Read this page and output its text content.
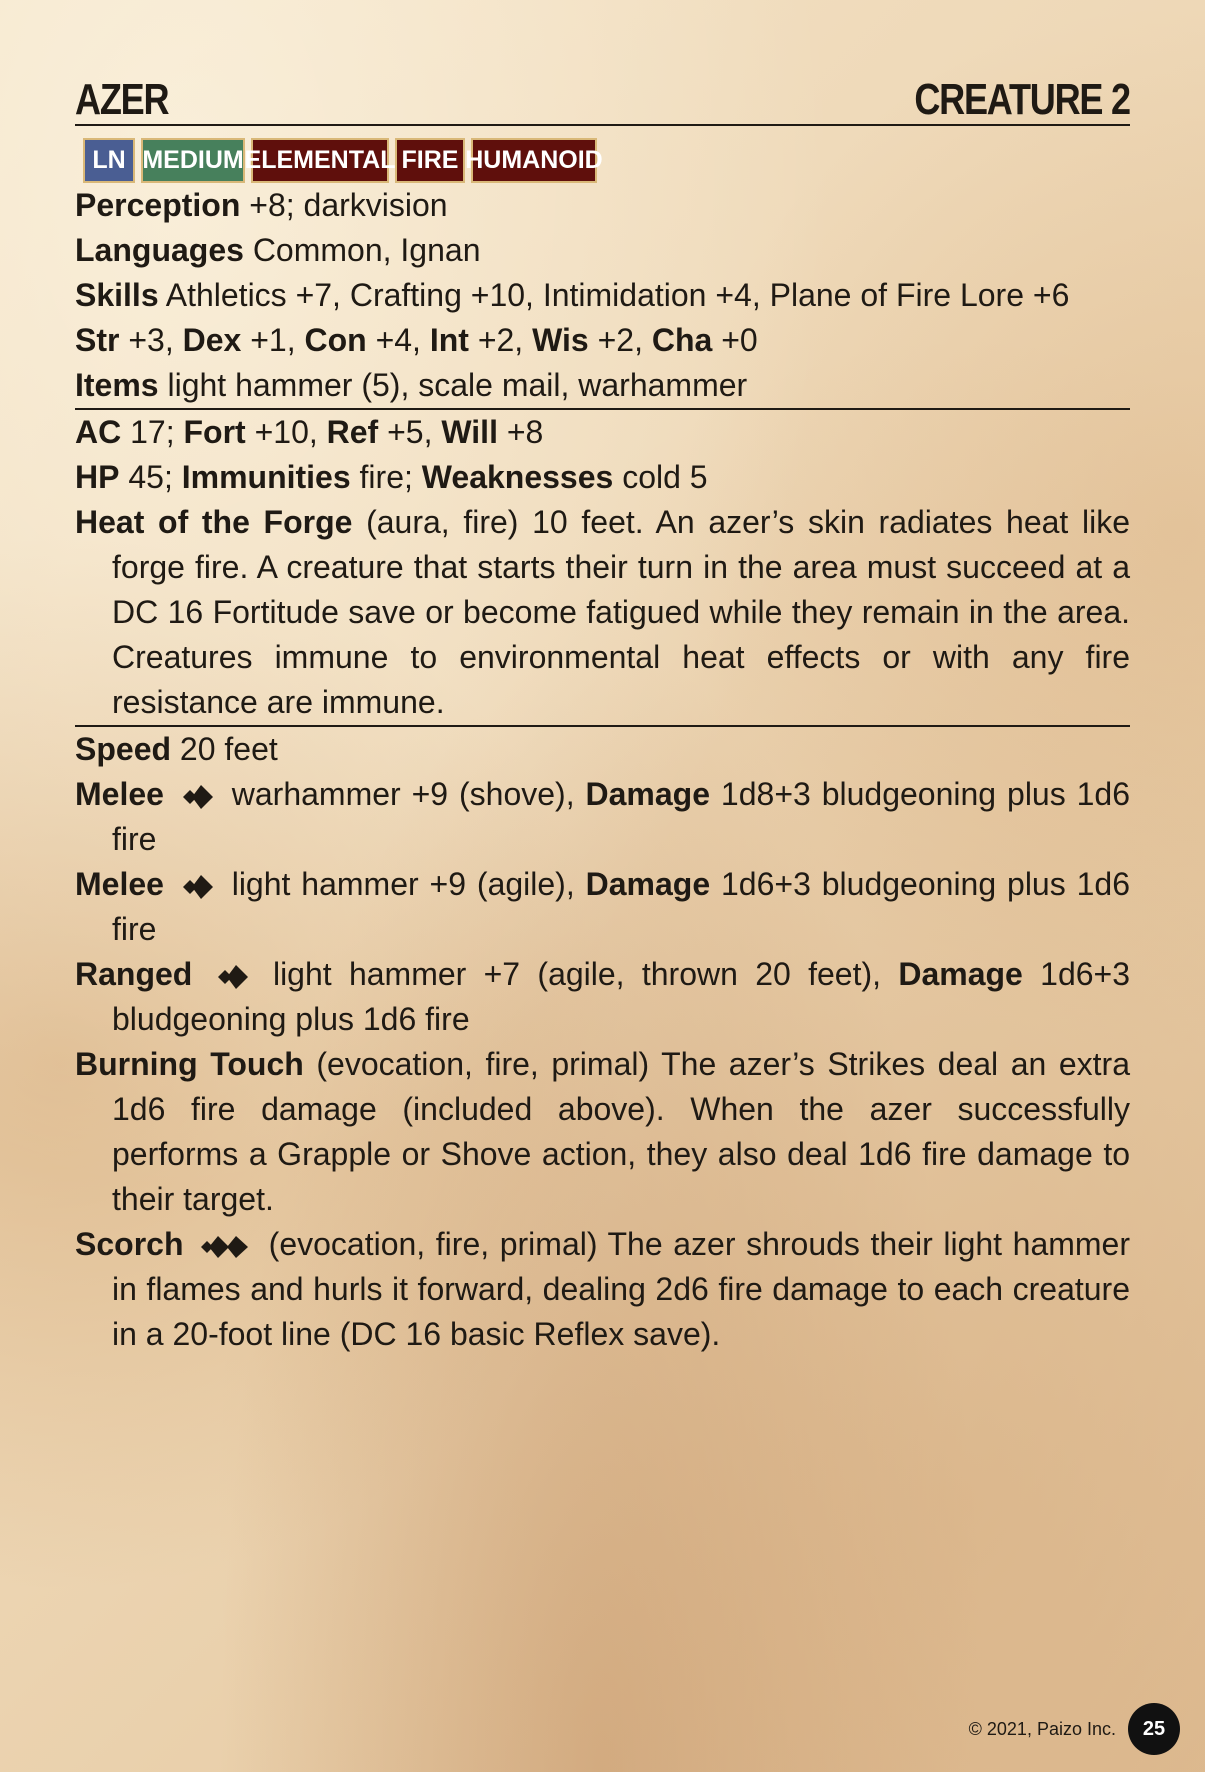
AZER	CREATURE 2
LN MEDIUM ELEMENTAL FIRE HUMANOID
Perception +8; darkvision
Languages Common, Ignan
Skills Athletics +7, Crafting +10, Intimidation +4, Plane of Fire Lore +6
Str +3, Dex +1, Con +4, Int +2, Wis +2, Cha +0
Items light hammer (5), scale mail, warhammer
AC 17; Fort +10, Ref +5, Will +8
HP 45; Immunities fire; Weaknesses cold 5
Heat of the Forge (aura, fire) 10 feet. An azer’s skin radiates heat like forge fire. A creature that starts their turn in the area must succeed at a DC 16 Fortitude save or become fatigued while they remain in the area. Creatures immune to environmental heat effects or with any fire resistance are immune.
Speed 20 feet
Melee  warhammer +9 (shove), Damage 1d8+3 bludgeoning plus 1d6 fire
Melee  light hammer +9 (agile), Damage 1d6+3 bludgeoning plus 1d6 fire
Ranged  light hammer +7 (agile, thrown 20 feet), Damage 1d6+3 bludgeoning plus 1d6 fire
Burning Touch (evocation, fire, primal) The azer’s Strikes deal an extra 1d6 fire damage (included above). When the azer successfully performs a Grapple or Shove action, they also deal 1d6 fire damage to their target.
Scorch  (evocation, fire, primal) The azer shrouds their light hammer in flames and hurls it forward, dealing 2d6 fire damage to each creature in a 20-foot line (DC 16 basic Reflex save).
© 2021, Paizo Inc.	25
